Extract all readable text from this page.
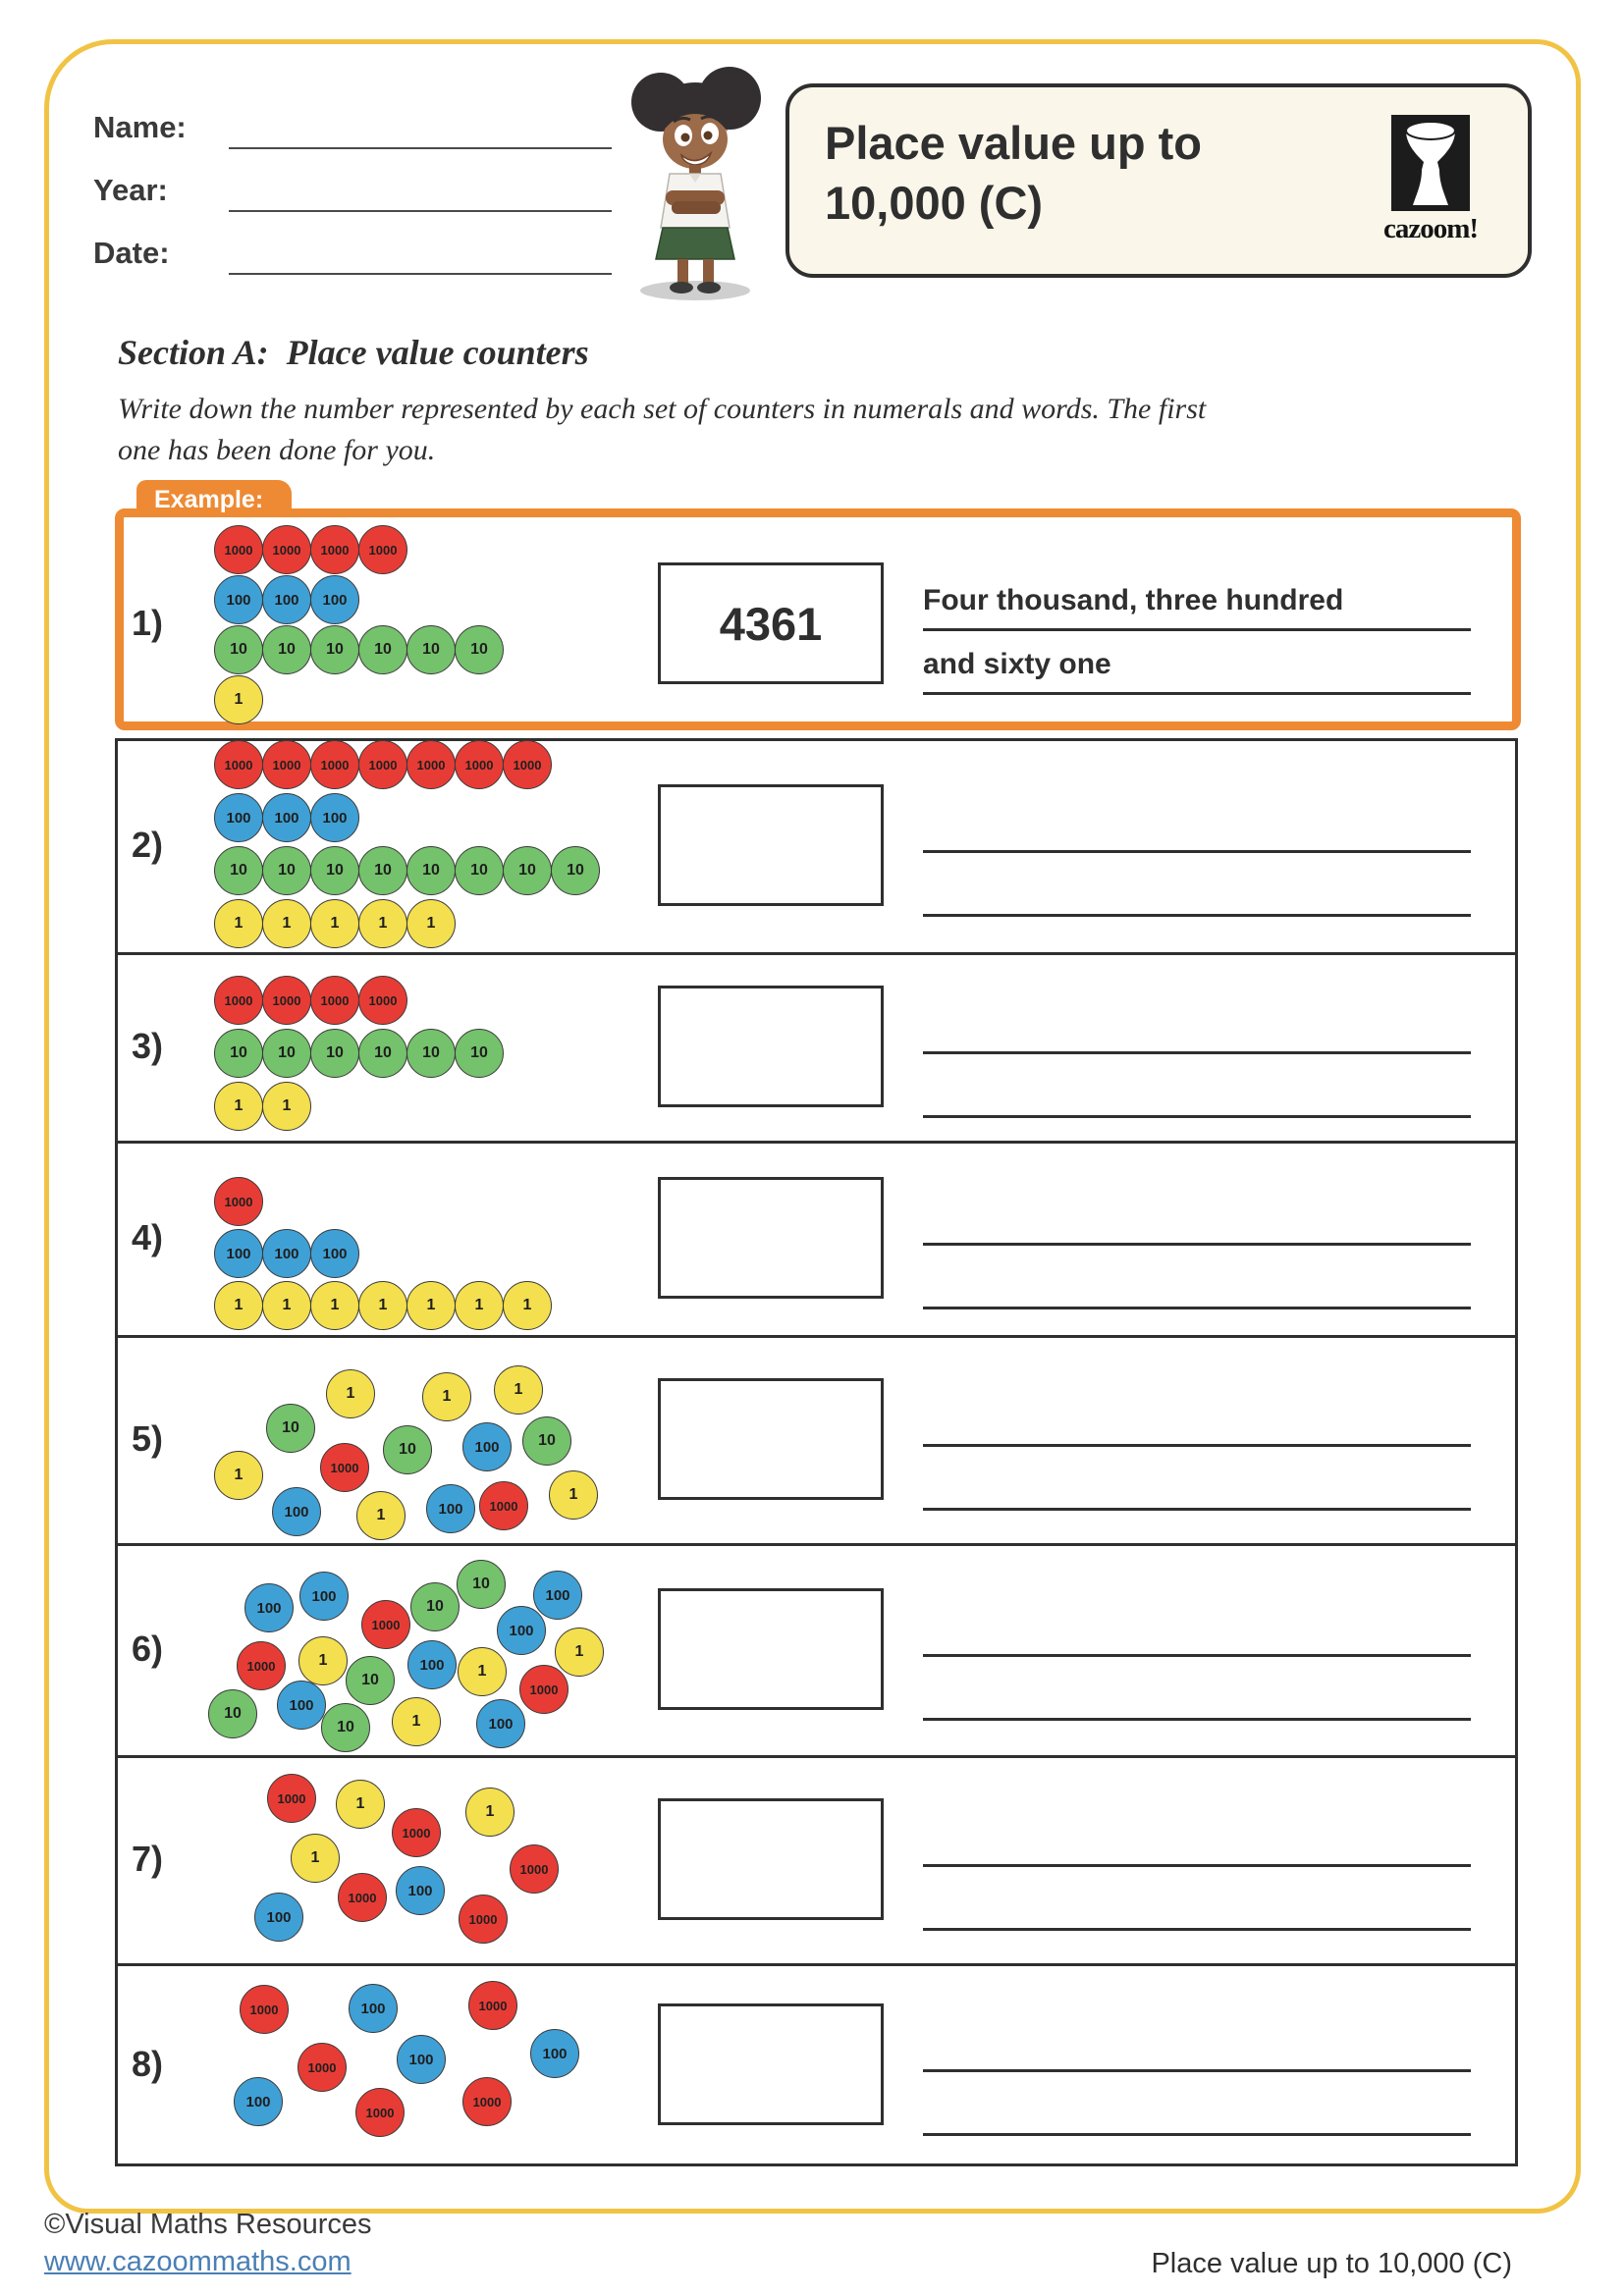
Name:
Year:
Date:
Place value up to
10,000 (C)	cazoom!
Section A:  Place value counters
Write down the number represented by each set of counters in numerals and words. The first
one has been done for you.
Example:
1)
1000	1000	1000	1000
100	100	100
10	10	10	10	10	10
1
4361	Four thousand, three hundred
and sixty one
2)
1000	1000	1000	1000	1000	1000	1000
100	100	100
10	10	10	10	10	10	10	10
1	1	1	1	1
3)
1000	1000	1000	1000
10	10	10	10	10	10
1	1
4)
1000
100	100	100
1	1	1	1	1	1	1
5)
1	1	1
10
10	100	10
1	1000
1
100	1	100	1000
6)
100
100
1000
10
10
100
100
1
1000	1
10
100	1
1000
10	100
10	1	100
7)
1000	1
1000
1
1
1000
1000	100
100	1000
8)
1000	100	1000
1000	100	100
100
1000
1000
©Visual Maths Resources
www.cazoommaths.com	Place value up to 10,000 (C)
